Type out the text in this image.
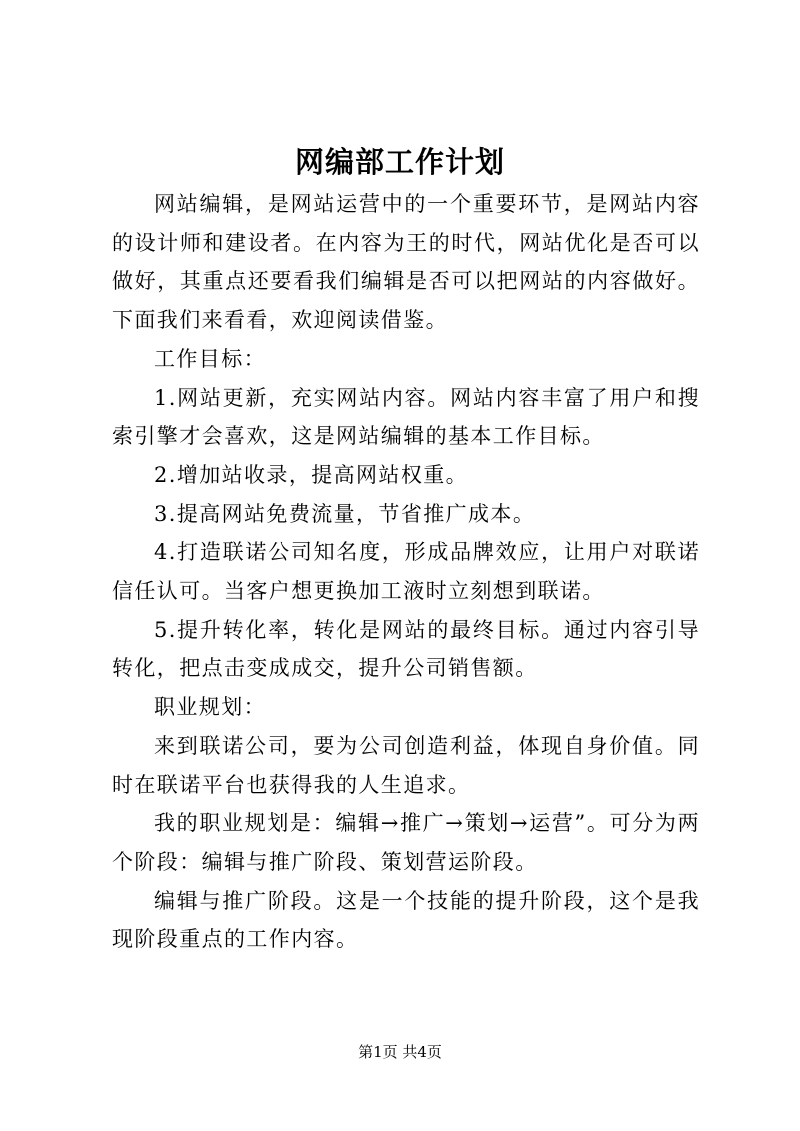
网编部工作计划

网站编辑，是网站运营中的一个重要环节，是网站内容的设计师和建设者。在内容为王的时代，网站优化是否可以做好，其重点还要看我们编辑是否可以把网站的内容做好。下面我们来看看，欢迎阅读借鉴。

工作目标：

1.网站更新，充实网站内容。网站内容丰富了用户和搜索引擎才会喜欢，这是网站编辑的基本工作目标。

2.增加站收录，提高网站权重。

3.提高网站免费流量，节省推广成本。

4.打造联诺公司知名度，形成品牌效应，让用户对联诺信任认可。当客户想更换加工液时立刻想到联诺。

5.提升转化率，转化是网站的最终目标。通过内容引导转化，把点击变成成交，提升公司销售额。

职业规划：

来到联诺公司，要为公司创造利益，体现自身价值。同时在联诺平台也获得我的人生追求。

我的职业规划是：编辑→推广→策划→运营”。可分为两个阶段：编辑与推广阶段、策划营运阶段。

编辑与推广阶段。这是一个技能的提升阶段，这个是我现阶段重点的工作内容。

第1页 共4页
